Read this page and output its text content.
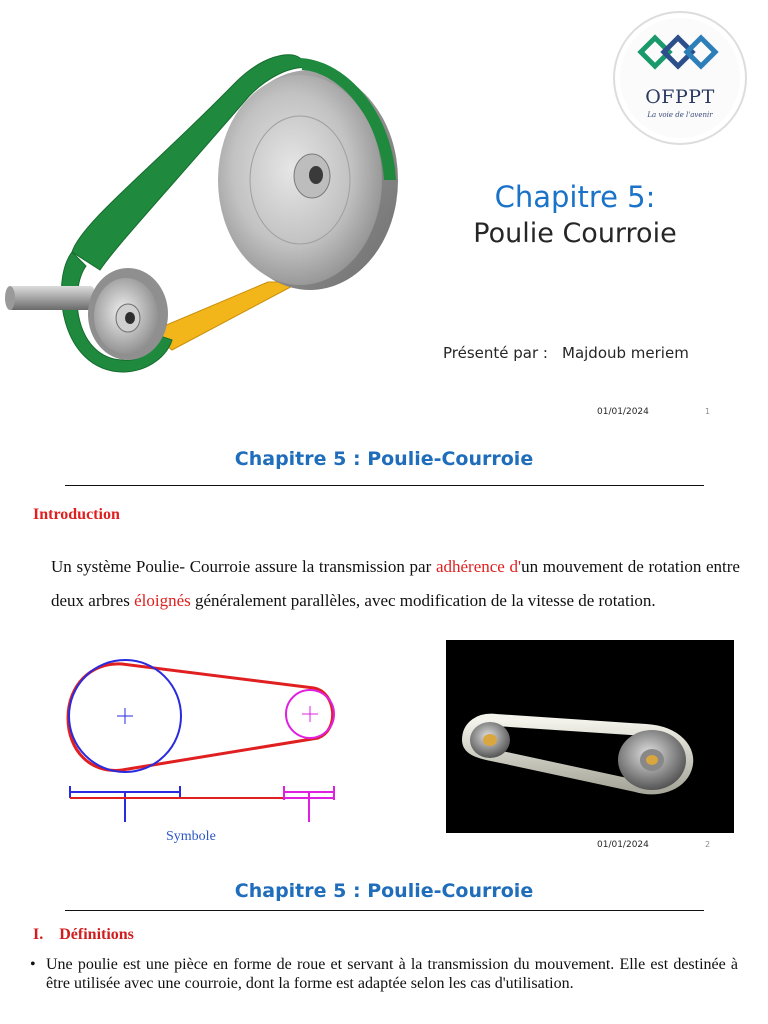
OFPPT
La voie de l'avenir
Chapitre 5:
Poulie Courroie
Présenté par : Majdoub meriem
01/01/2024	1
Chapitre 5 : Poulie-Courroie
Introduction
Un système Poulie- Courroie assure la transmission par adhérence d'un mouvement de rotation entre deux arbres éloignés généralement parallèles, avec modification de la vitesse de rotation.
Symbole
01/01/2024	2
Chapitre 5 : Poulie-Courroie
I. Définitions
• Une poulie est une pièce en forme de roue et servant à la transmission du mouvement. Elle est destinée à être utilisée avec une courroie, dont la forme est adaptée selon les cas d'utilisation.
